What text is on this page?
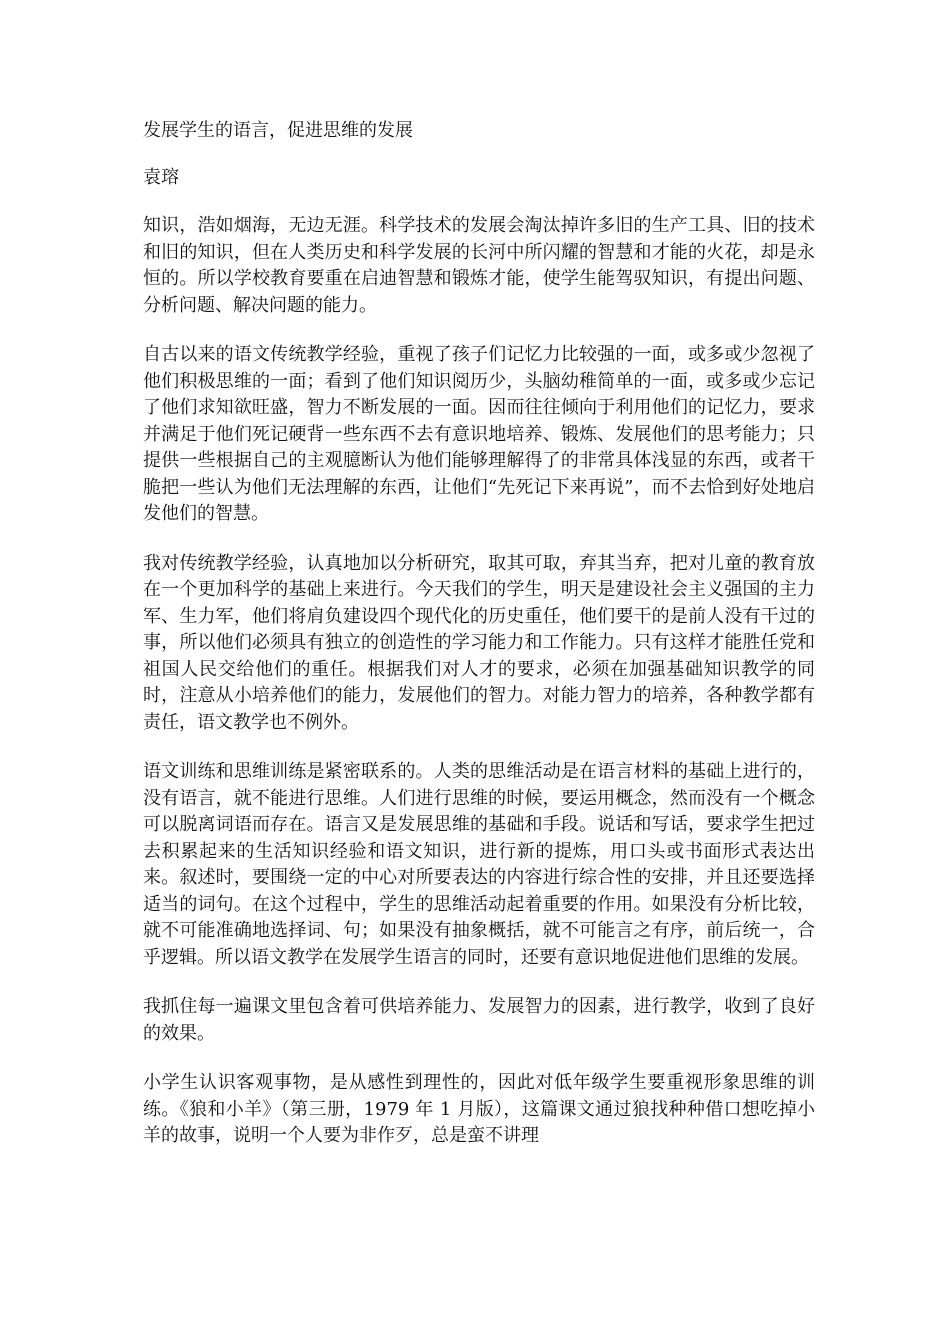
发展学生的语言，促进思维的发展
袁瑢

知识，浩如烟海，无边无涯。科学技术的发展会淘汰掉许多旧的生产工具、旧的技术和旧的知识，但在人类历史和科学发展的长河中所闪耀的智慧和才能的火花，却是永恒的。所以学校教育要重在启迪智慧和锻炼才能，使学生能驾驭知识，有提出问题、分析问题、解决问题的能力。

自古以来的语文传统教学经验，重视了孩子们记忆力比较强的一面，或多或少忽视了他们积极思维的一面；看到了他们知识阅历少，头脑幼稚简单的一面，或多或少忘记了他们求知欲旺盛，智力不断发展的一面。因而往往倾向于利用他们的记忆力，要求并满足于他们死记硬背一些东西不去有意识地培养、锻炼、发展他们的思考能力；只提供一些根据自己的主观臆断认为他们能够理解得了的非常具体浅显的东西，或者干脆把一些认为他们无法理解的东西，让他们“先死记下来再说”，而不去恰到好处地启发他们的智慧。

我对传统教学经验，认真地加以分析研究，取其可取，弃其当弃，把对儿童的教育放在一个更加科学的基础上来进行。今天我们的学生，明天是建设社会主义强国的主力军、生力军，他们将肩负建设四个现代化的历史重任，他们要干的是前人没有干过的事，所以他们必须具有独立的创造性的学习能力和工作能力。只有这样才能胜任党和祖国人民交给他们的重任。根据我们对人才的要求，必须在加强基础知识教学的同时，注意从小培养他们的能力，发展他们的智力。对能力智力的培养，各种教学都有责任，语文教学也不例外。

语文训练和思维训练是紧密联系的。人类的思维活动是在语言材料的基础上进行的，没有语言，就不能进行思维。人们进行思维的时候，要运用概念，然而没有一个概念可以脱离词语而存在。语言又是发展思维的基础和手段。说话和写话，要求学生把过去积累起来的生活知识经验和语文知识，进行新的提炼，用口头或书面形式表达出来。叙述时，要围绕一定的中心对所要表达的内容进行综合性的安排，并且还要选择适当的词句。在这个过程中，学生的思维活动起着重要的作用。如果没有分析比较，就不可能准确地选择词、句；如果没有抽象概括，就不可能言之有序，前后统一，合乎逻辑。所以语文教学在发展学生语言的同时，还要有意识地促进他们思维的发展。

我抓住每一遍课文里包含着可供培养能力、发展智力的因素，进行教学，收到了良好的效果。

小学生认识客观事物，是从感性到理性的，因此对低年级学生要重视形象思维的训练。《狼和小羊》（第三册，1979 年 1 月版），这篇课文通过狼找种种借口想吃掉小羊的故事，说明一个人要为非作歹，总是蛮不讲理
